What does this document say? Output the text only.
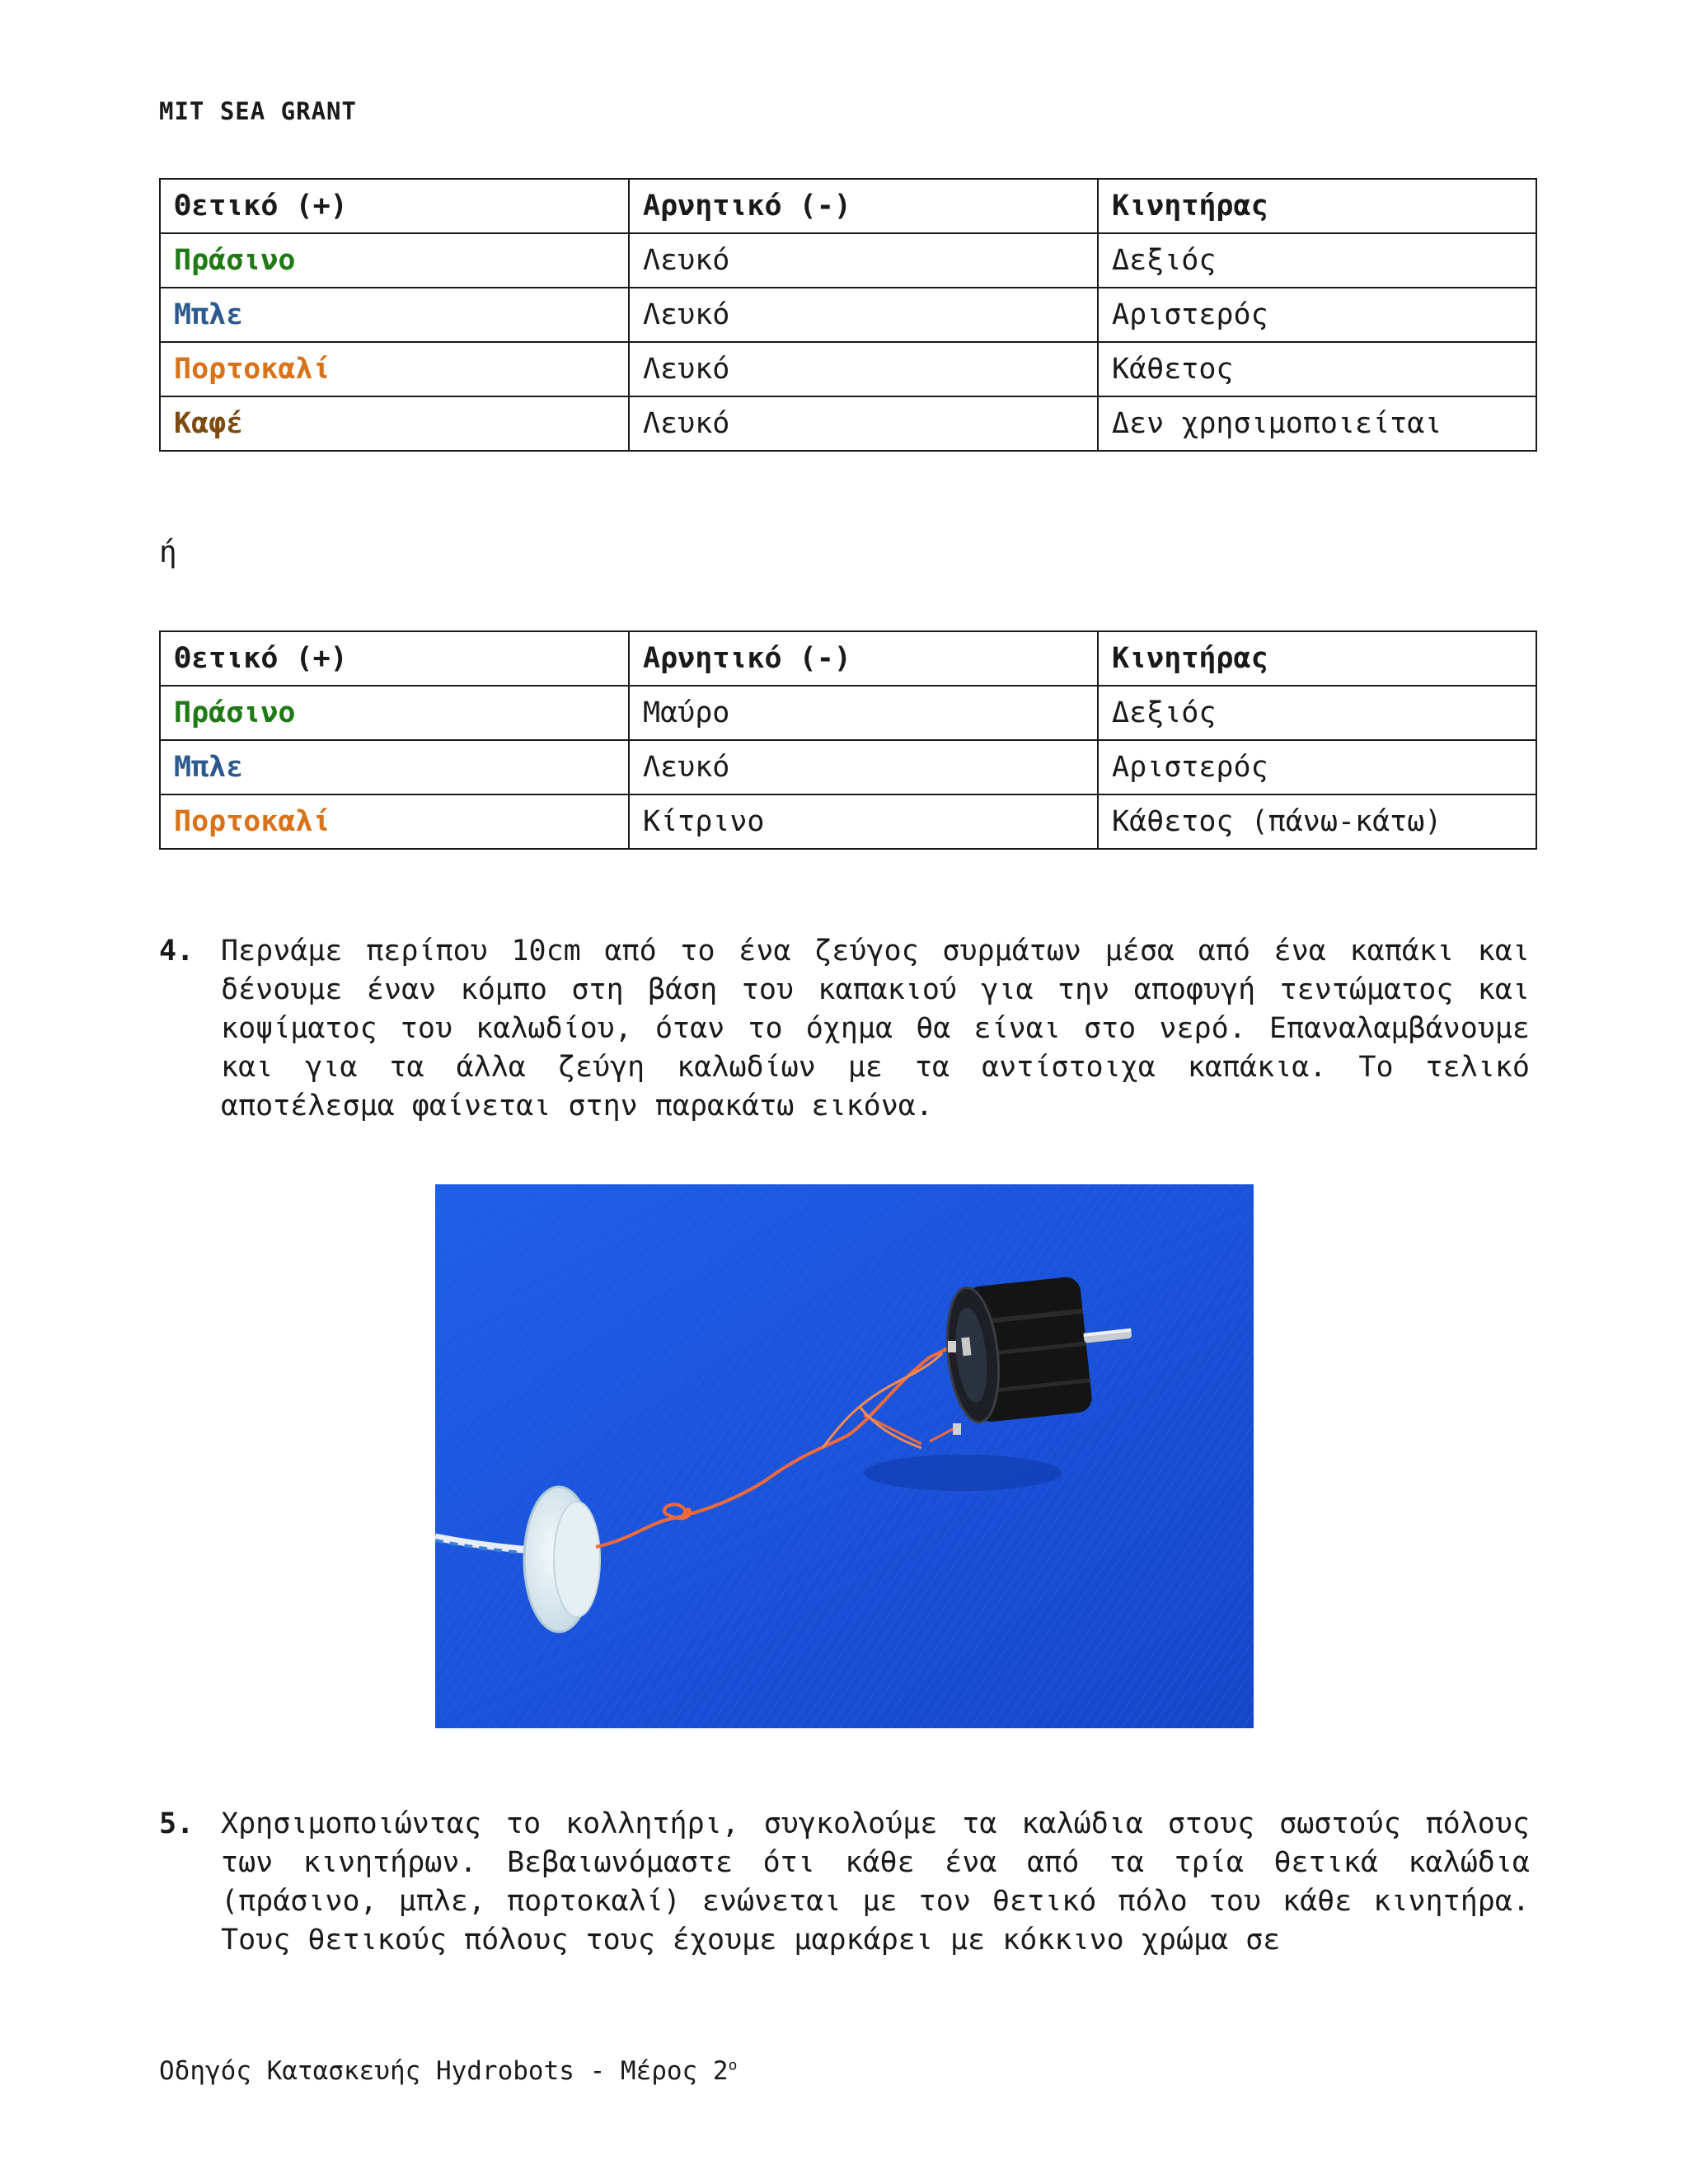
MIT SEA GRANT
Θετικό (+)	Αρνητικό (-)	Κινητήρας
Πράσινο	Λευκό	Δεξιός
Μπλε	Λευκό	Αριστερός
Πορτοκαλί	Λευκό	Κάθετος
Καφέ	Λευκό	Δεν χρησιμοποιείται
ή
Θετικό (+)	Αρνητικό (-)	Κινητήρας
Πράσινο	Μαύρο	Δεξιός
Μπλε	Λευκό	Αριστερός
Πορτοκαλί	Κίτρινο	Κάθετος (πάνω-κάτω)
4. Περνάμε περίπου 10cm από το ένα ζεύγος συρμάτων μέσα από ένα καπάκι και δένουμε έναν κόμπο στη βάση του καπακιού για την αποφυγή τεντώματος και κοψίματος του καλωδίου, όταν το όχημα θα είναι στο νερό. Επαναλαμβάνουμε και για τα άλλα ζεύγη καλωδίων με τα αντίστοιχα καπάκια. Το τελικό αποτέλεσμα φαίνεται στην παρακάτω εικόνα.
5. Χρησιμοποιώντας το κολλητήρι, συγκολούμε τα καλώδια στους σωστούς πόλους των κινητήρων. Βεβαιωνόμαστε ότι κάθε ένα από τα τρία θετικά καλώδια (πράσινο, μπλε, πορτοκαλί) ενώνεται με τον θετικό πόλο του κάθε κινητήρα. Τους θετικούς πόλους τους έχουμε μαρκάρει με κόκκινο χρώμα σε
Οδηγός Κατασκευής Hydrobots - Μέρος $2^o$
